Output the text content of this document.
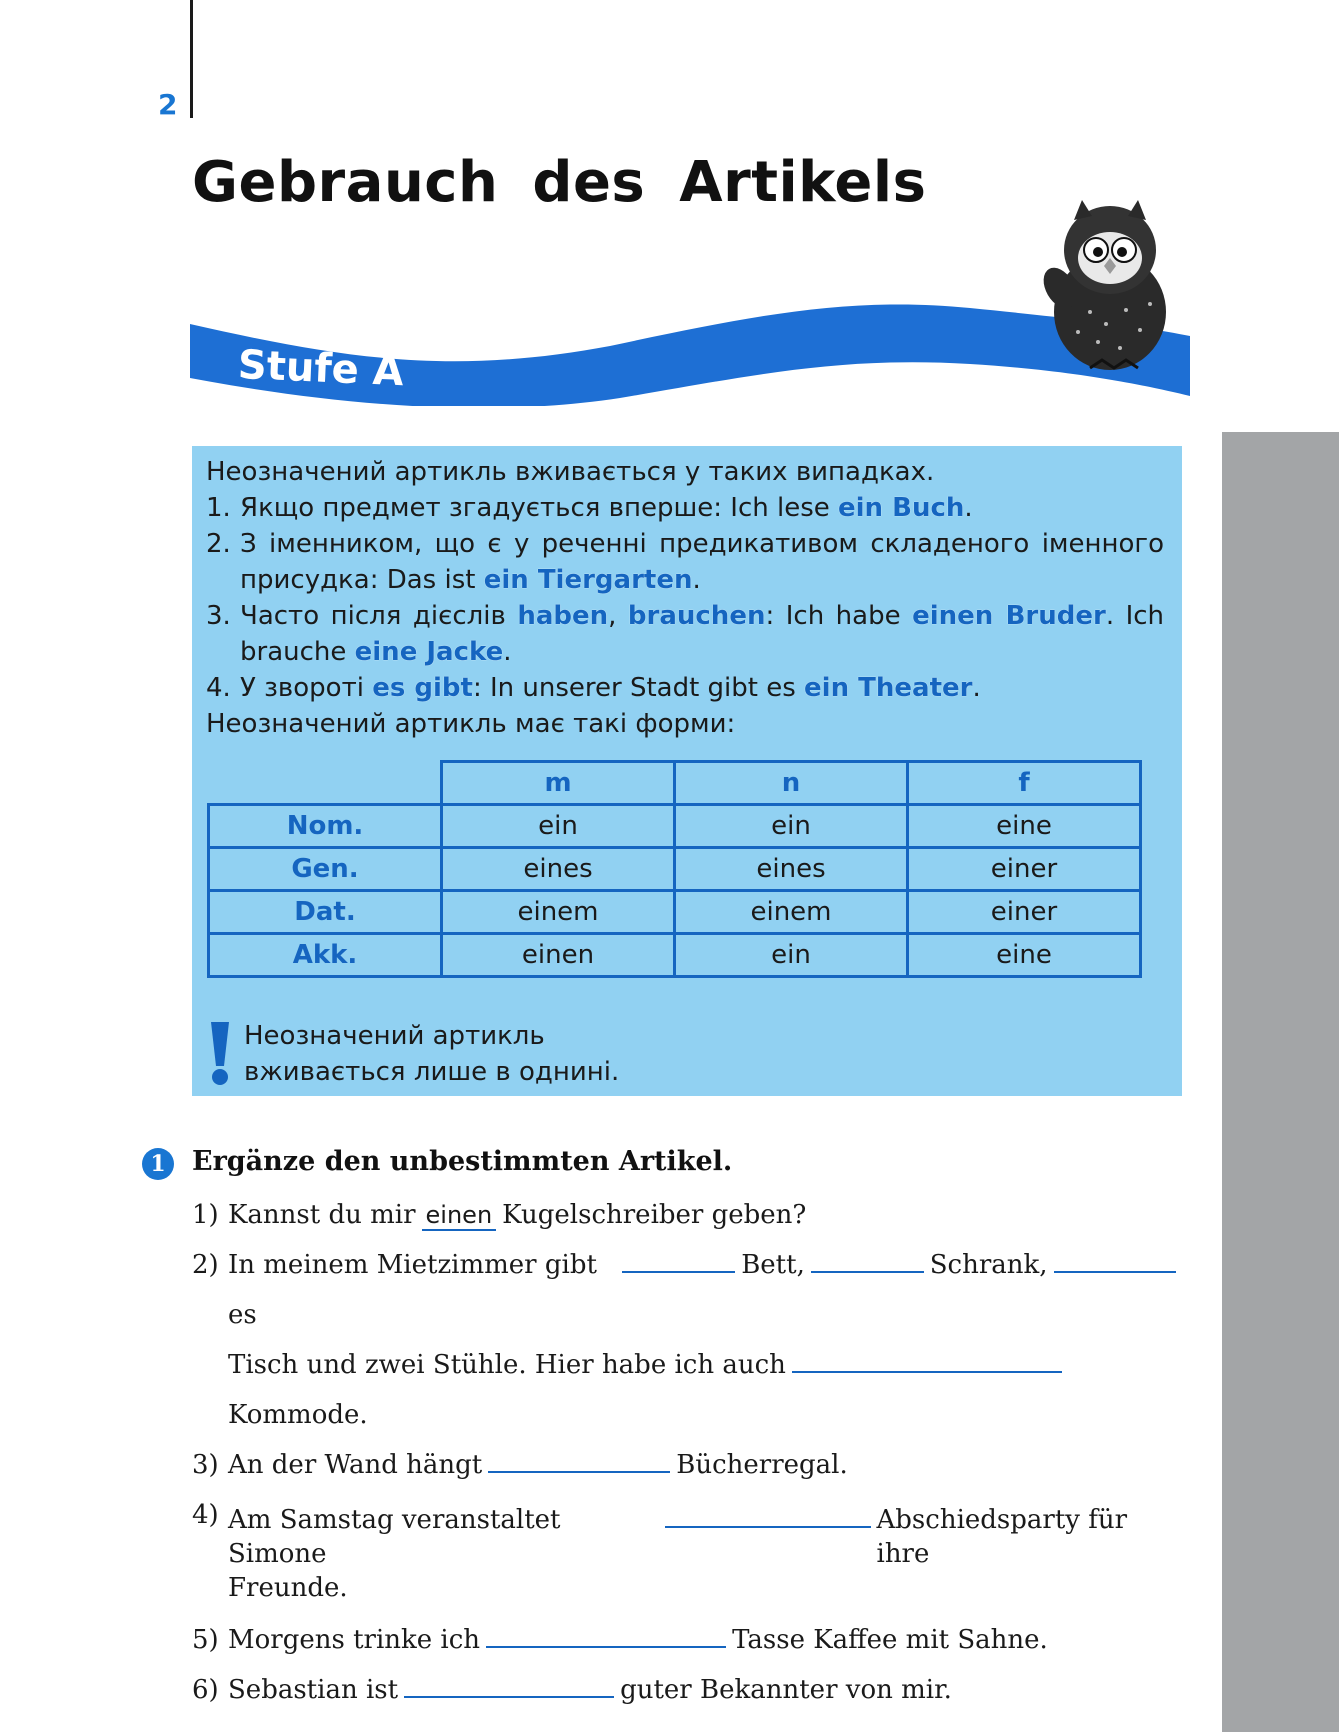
2
Gebrauch des Artikels
Stufe A

Неозначений артикль вживається у таких випадках.

1. Якщо предмет згадується вперше: Ich lese ein Buch.
2. З іменником, що є у реченні предикативом складеного іменного присудка: Das ist ein Tiergarten.
3. Часто після дієслів haben, brauchen: Ich habe einen Bruder. Ich brauche eine Jacke.
4. У звороті es gibt: In unserer Stadt gibt es ein Theater.

Неозначений артикль має такі форми:

	m	n	f
Nom.	ein	ein	eine
Gen.	eines	eines	einer
Dat.	einem	einem	einer
Akk.	einen	ein	eine
Неозначений артикль
вживається лише в однині.
1 Ergänze den unbestimmten Artikel.
1) Kannst du mir einen Kugelschreiber geben?
2) In meinem Mietzimmer gibt es
Bett,	Schrank,
Tisch und zwei Stühle. Hier habe ich auchKommode.
3) An der Wand hängt	Bücherregal.
4) Am Samstag veranstaltet Simone
Abschiedsparty für ihre
Freunde.
5) Morgens trinke ich	Tasse Kaffee mit Sahne.
6) Sebastian ist	guter Bekannter von mir.
